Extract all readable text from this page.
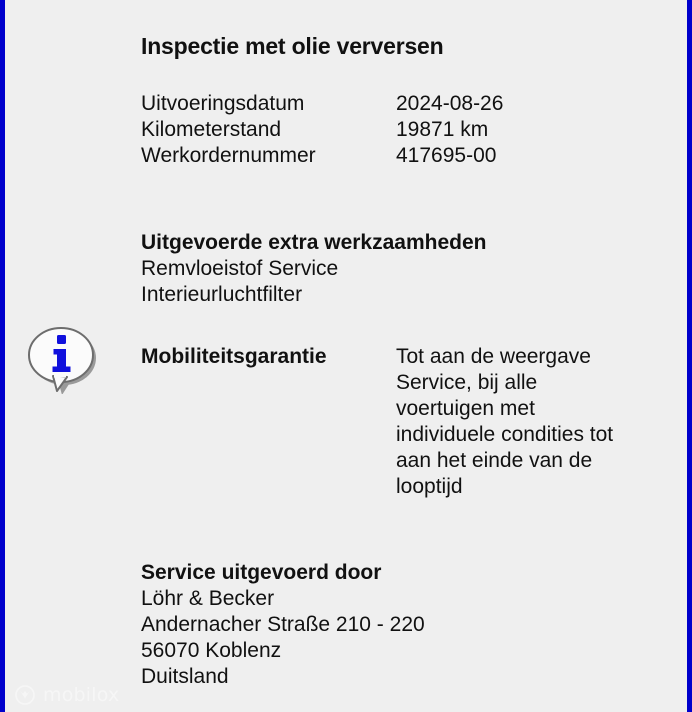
Inspectie met olie verversen
Uitvoeringsdatum	2024-08-26
Kilometerstand	19871 km
Werkordernummer	417695-00
Uitgevoerde extra werkzaamheden
Remvloeistof Service
Interieurluchtfilter
Mobiliteitsgarantie	Tot aan de weergave Service, bij alle voertuigen met individuele condities tot aan het einde van de looptijd
Service uitgevoerd door
Löhr & Becker
Andernacher Straße 210 - 220
56070 Koblenz
Duitsland
mobilox
